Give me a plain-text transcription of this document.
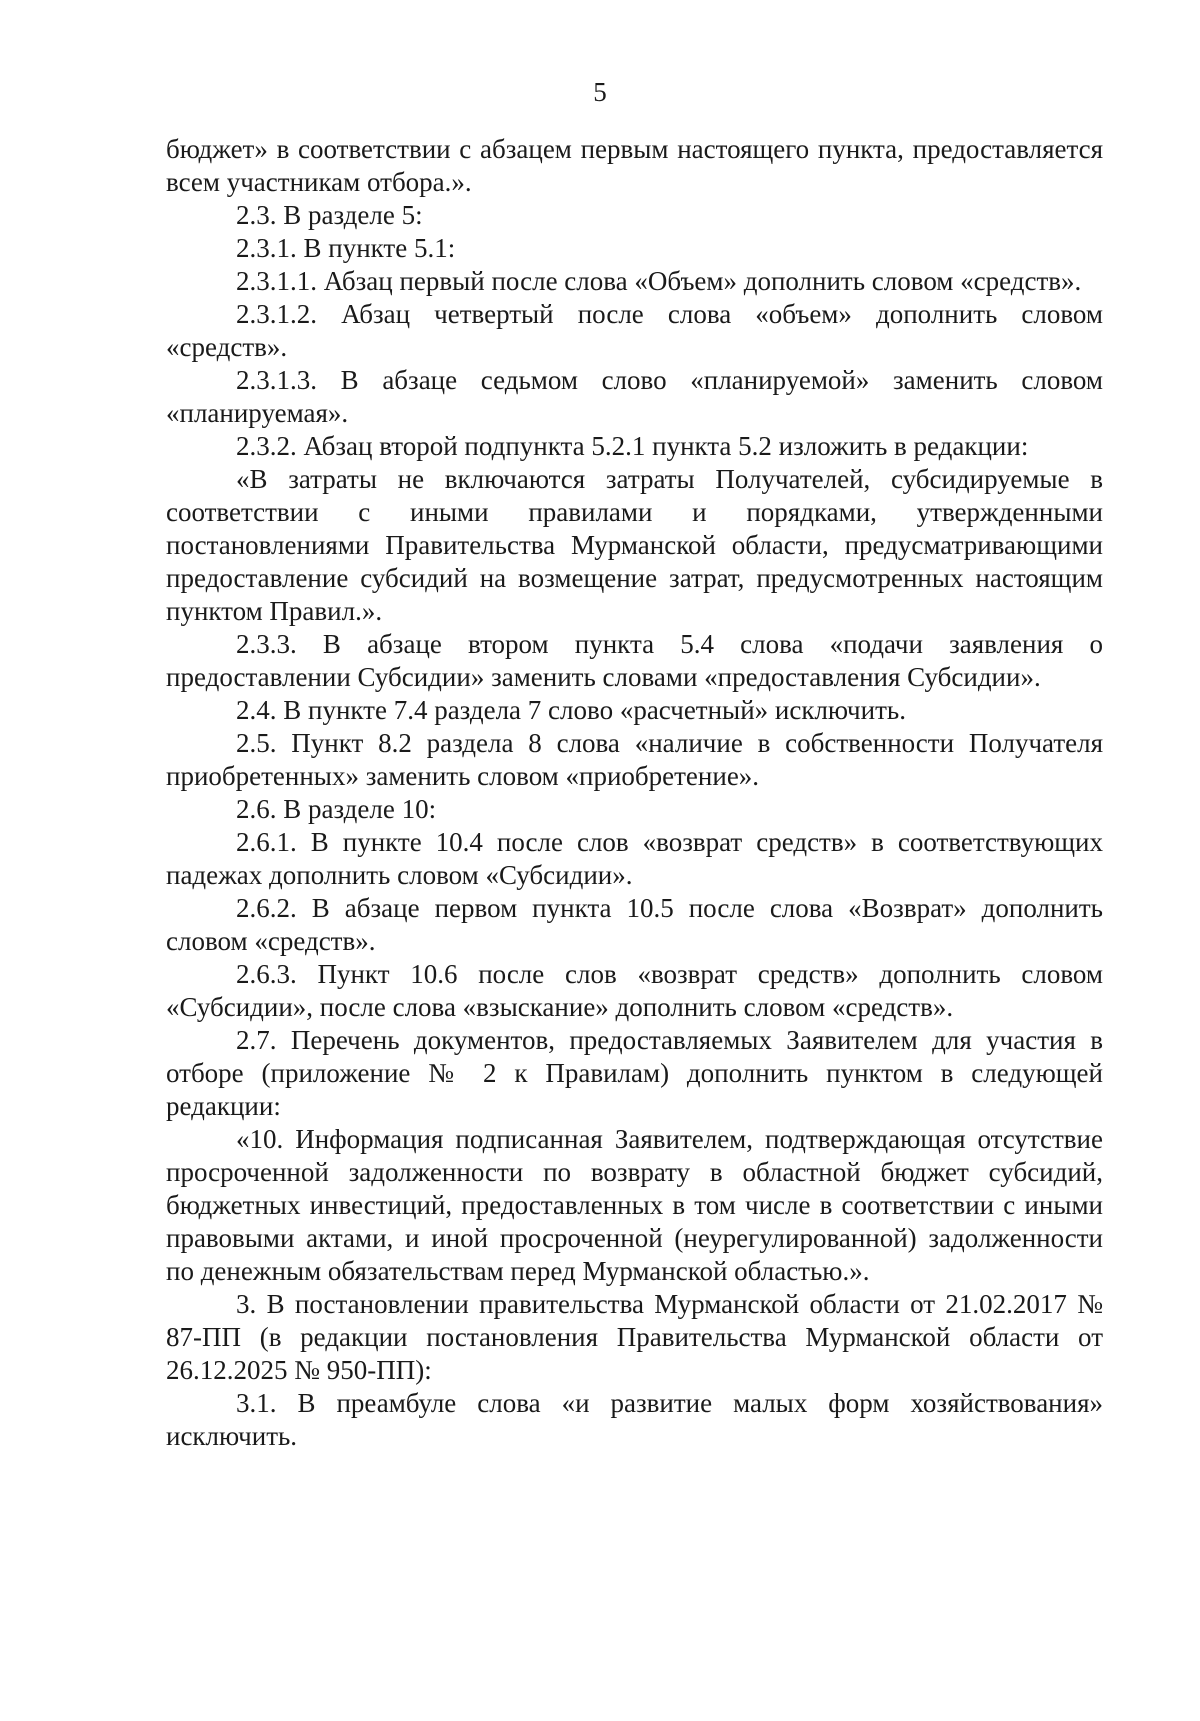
5

бюджет» в соответствии с абзацем первым настоящего пункта, предоставляется всем участникам отбора.».

2.3. В разделе 5:

2.3.1. В пункте 5.1:

2.3.1.1. Абзац первый после слова «Объем» дополнить словом «средств».

2.3.1.2. Абзац четвертый после слова «объем» дополнить словом «средств».

2.3.1.3. В абзаце седьмом слово «планируемой» заменить словом «планируемая».

2.3.2. Абзац второй подпункта 5.2.1 пункта 5.2 изложить в редакции:

«В затраты не включаются затраты Получателей, субсидируемые в соответствии с иными правилами и порядками, утвержденными постановлениями Правительства Мурманской области, предусматривающими предоставление субсидий на возмещение затрат, предусмотренных настоящим пунктом Правил.».

2.3.3. В абзаце втором пункта 5.4 слова «подачи заявления о предоставлении Субсидии» заменить словами «предоставления Субсидии».

2.4. В пункте 7.4 раздела 7 слово «расчетный» исключить.

2.5. Пункт 8.2 раздела 8 слова «наличие в собственности Получателя приобретенных» заменить словом «приобретение».

2.6. В разделе 10:

2.6.1. В пункте 10.4 после слов «возврат средств» в соответствующих падежах дополнить словом «Субсидии».

2.6.2. В абзаце первом пункта 10.5 после слова «Возврат» дополнить словом «средств».

2.6.3. Пункт 10.6 после слов «возврат средств» дополнить словом «Субсидии», после слова «взыскание» дополнить словом «средств».

2.7. Перечень документов, предоставляемых Заявителем для участия в отборе (приложение № 2 к Правилам) дополнить пунктом в следующей редакции:

«10. Информация подписанная Заявителем, подтверждающая отсутствие просроченной задолженности по возврату в областной бюджет субсидий, бюджетных инвестиций, предоставленных в том числе в соответствии с иными правовыми актами, и иной просроченной (неурегулированной) задолженности по денежным обязательствам перед Мурманской областью.».

3. В постановлении правительства Мурманской области от 21.02.2017 № 87-ПП (в редакции постановления Правительства Мурманской области от 26.12.2025 № 950-ПП):

3.1. В преамбуле слова «и развитие малых форм хозяйствования» исключить.
